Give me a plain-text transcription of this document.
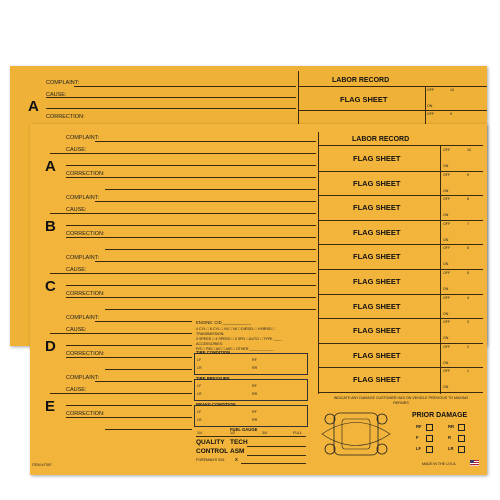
COMPLAINT:
CAUSE:
A
CORRECTION:
LABOR RECORD
FLAG SHEET
OFF	10
ON
OFF	9
LABOR RECORD
ENGINE: CID ____________
4 CYL □ 6 CYL □ V6 □ V8 □ DIESEL □ HYBRID □
TRANSMISSION:
3 SPEED □ 4 SPEED □ 5 SPD □ AUTO □ TYPE ____
ACCESSORIES:
P/S □ P/B □ A/C □ AIR □ OTHER ____________
TIRE CONDITION
LF	RF
LR	RR
TIRE PRESSURE
LF	RF
LR	RR
BRAKE CONDITION
LF	RF
LR	RR
FUEL GAUGE
1/4	1/2	3/4	FULL
QUALITY TECH
CONTROL ASM
FOREMAN'S SIG. X
INDICATE ANY DAMAGE CUSTOMER HAS ON VEHICLE PREVIOUS TO MAKING REPAIRS
PRIOR DAMAGE
RF	RR
F	R
LF	LR
ITEM #7397	MADE IN THE U.S.A.
FLAG SHEET
OFF	10
ON
FLAG SHEET
OFF	9
ON
FLAG SHEET
OFF	8
ON
FLAG SHEET
OFF	7
ON
FLAG SHEET
OFF	6
ON
FLAG SHEET
OFF	5
ON
FLAG SHEET
OFF	4
ON
FLAG SHEET
OFF	3
ON
FLAG SHEET
OFF	2
ON
FLAG SHEET
OFF	1
ON
COMPLAINT:
CAUSE:
A CORRECTION:
COMPLAINT:
CAUSE:
B CORRECTION:
COMPLAINT:
CAUSE:
C CORRECTION:
COMPLAINT:
CAUSE:
D CORRECTION:
COMPLAINT:
CAUSE:
E CORRECTION:
